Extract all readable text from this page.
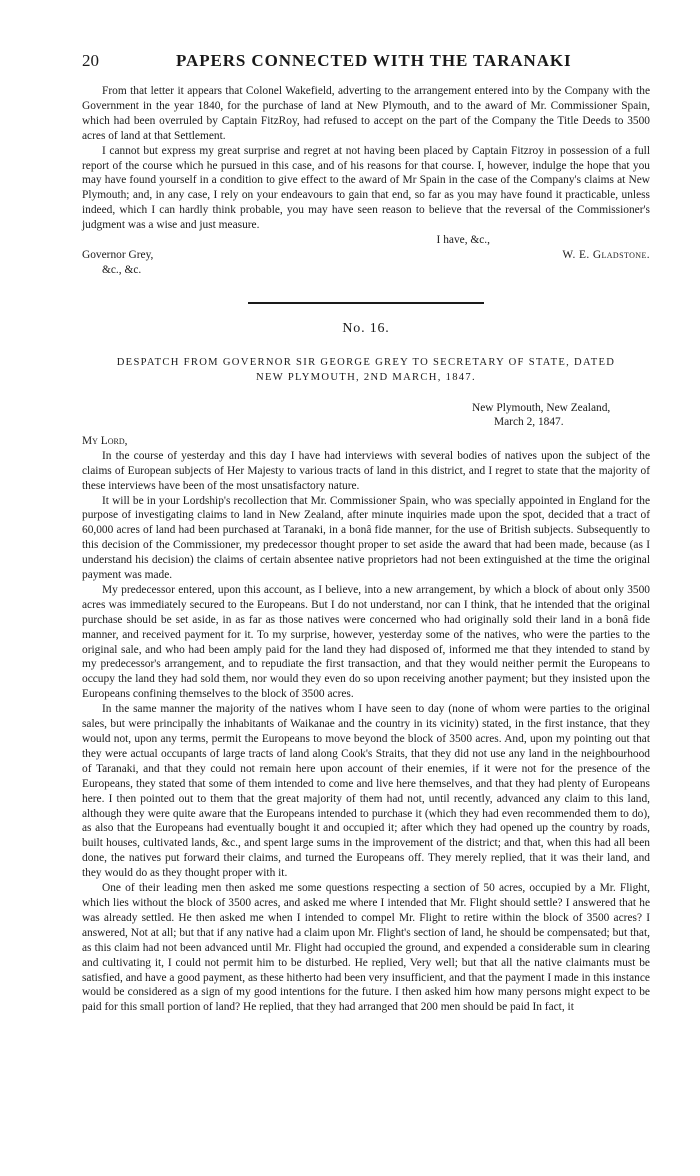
20	PAPERS CONNECTED WITH THE TARANAKI

From that letter it appears that Colonel Wakefield, adverting to the arrangement entered into by the Company with the Government in the year 1840, for the purchase of land at New Plymouth, and to the award of Mr. Commissioner Spain, which had been overruled by Captain FitzRoy, had refused to accept on the part of the Company the Title Deeds to 3500 acres of land at that Settlement.

I cannot but express my great surprise and regret at not having been placed by Captain Fitzroy in possession of a full report of the course which he pursued in this case, and of his reasons for that course. I, however, indulge the hope that you may have found yourself in a condition to give effect to the award of Mr Spain in the case of the Company's claims at New Plymouth; and, in any case, I rely on your endeavours to gain that end, so far as you may have found it practicable, unless indeed, which I can hardly think probable, you may have seen reason to believe that the reversal of the Commissioner's judgment was a wise and just measure.

I have, &c.,

Governor Grey,	W. E. Gladstone.

&c., &c.

No. 16.
DESPATCH FROM GOVERNOR SIR GEORGE GREY TO SECRETARY OF STATE, DATED NEW PLYMOUTH, 2ND MARCH, 1847.
New Plymouth, New Zealand,
March 2, 1847.

My Lord,

In the course of yesterday and this day I have had interviews with several bodies of natives upon the subject of the claims of European subjects of Her Majesty to various tracts of land in this district, and I regret to state that the majority of these interviews have been of the most unsatisfactory nature.

It will be in your Lordship's recollection that Mr. Commissioner Spain, who was specially appointed in England for the purpose of investigating claims to land in New Zealand, after minute inquiries made upon the spot, decided that a tract of 60,000 acres of land had been purchased at Taranaki, in a bonâ fide manner, for the use of British subjects. Subsequently to this decision of the Commissioner, my predecessor thought proper to set aside the award that had been made, because (as I understand his decision) the claims of certain absentee native proprietors had not been extinguished at the time the original payment was made.

My predecessor entered, upon this account, as I believe, into a new arrangement, by which a block of about only 3500 acres was immediately secured to the Europeans. But I do not understand, nor can I think, that he intended that the original purchase should be set aside, in as far as those natives were concerned who had originally sold their land in a bonâ fide manner, and received payment for it. To my surprise, however, yesterday some of the natives, who were the parties to the original sale, and who had been amply paid for the land they had disposed of, informed me that they intended to stand by my predecessor's arrangement, and to repudiate the first transaction, and that they would neither permit the Europeans to occupy the land they had sold them, nor would they even do so upon receiving another payment; but they insisted upon the Europeans confining themselves to the block of 3500 acres.

In the same manner the majority of the natives whom I have seen to day (none of whom were parties to the original sales, but were principally the inhabitants of Waikanae and the country in its vicinity) stated, in the first instance, that they would not, upon any terms, permit the Europeans to move beyond the block of 3500 acres. And, upon my pointing out that they were actual occupants of large tracts of land along Cook's Straits, that they did not use any land in the neighbourhood of Taranaki, and that they could not remain here upon account of their enemies, if it were not for the presence of the Europeans, they stated that some of them intended to come and live here themselves, and that they had plenty of Europeans here. I then pointed out to them that the great majority of them had not, until recently, advanced any claim to this land, although they were quite aware that the Europeans intended to purchase it (which they had even recommended them to do), as also that the Europeans had eventually bought it and occupied it; after which they had opened up the country by roads, built houses, cultivated lands, &c., and spent large sums in the improvement of the district; and that, when this had all been done, the natives put forward their claims, and turned the Europeans off. They merely replied, that it was their land, and they would do as they thought proper with it.

One of their leading men then asked me some questions respecting a section of 50 acres, occupied by a Mr. Flight, which lies without the block of 3500 acres, and asked me where I intended that Mr. Flight should settle? I answered that he was already settled. He then asked me when I intended to compel Mr. Flight to retire within the block of 3500 acres? I answered, Not at all; but that if any native had a claim upon Mr. Flight's section of land, he should be compensated; but that, as this claim had not been advanced until Mr. Flight had occupied the ground, and expended a considerable sum in clearing and cultivating it, I could not permit him to be disturbed. He replied, Very well; but that all the native claimants must be satisfied, and have a good payment, as these hitherto had been very insufficient, and that the payment I made in this instance would be considered as a sign of my good intentions for the future. I then asked him how many persons might expect to be paid for this small portion of land? He replied, that they had arranged that 200 men should be paid In fact, it
